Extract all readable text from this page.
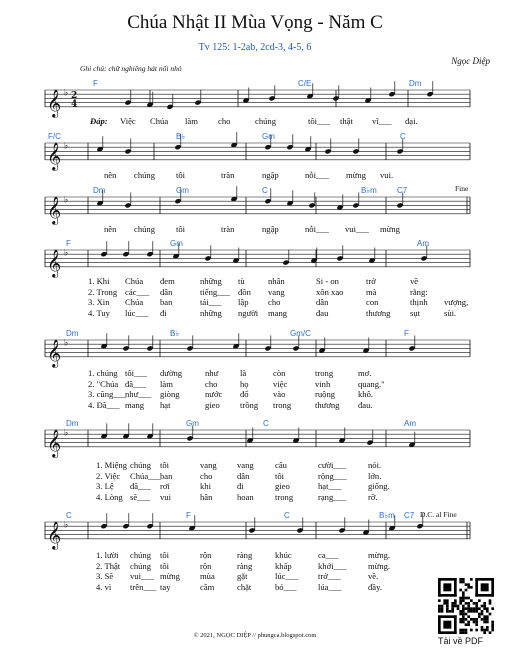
Chúa Nhật II Mùa Vọng - Năm C
Tv 125: 1-2ab, 2cd-3, 4-5, 6
Ngọc Diệp
Ghi chú: chữ nghiêng hát nối nhỏ
𝄞 ♭ 2
4
𝄞 ♭
𝄞 ♭
𝄞 ♭
𝄞 ♭
𝄞 ♭
𝄞 ♭
F	C/E	Dm
Đáp: Việc Chúa làm cho	chúng	tôi___ thật vĩ___ đại.
F/C	B♭	Gm	C
nên chúng tôi	tràn	ngập	nỗi___ mừng vui.
Dm	Gm	C	B♭m	C7
nên chúng tôi	tràn	ngập	nỗi___ vui___ mừng
F	Gm	Am
1. Khi Chúa đem	những tù	nhân	Si - on	trở	về
2. Trong các___ dân	tiếng___ đồn vang	xôn xao	mà	rằng:
3. Xin Chúa ban	tái___ lập cho	dân	con	thịnh vượng,
4. Tuy lúc___ đi	những người mang	đau	thương sụt	sùi.
Dm	B♭	Gm/C	F
1. chúng tôi___ dường	như	là	còn	trong	mơ.
2. "Chúa đã___ làm	cho	họ	việc	vinh	quang."
3. cũng___
như___ giòng	nước đổ	vào	ruộng	khô.
4. Đã___ mang hạt	gieo trồng trong	thương đau.
Dm	Gm	C	Am
1. Miệng chúng tôi	vang vang câu	cười___	nói.
2. Việc Chúa___
ban	cho	dân	tôi	rộng___ lớn.
3. Lệ đã___ rơi	khi	đi	gieo	hạt___	giống.
4. Lòng sẽ___ vui	hân	hoan trong	rạng___	rỡ.
C	F	C	B♭m C7
1. lười chúng tôi	rộn	ràng	khúc	ca___	mừng.
2. Thật chúng tôi	rộn	ràng	khấp	khởi___	mừng.
3. Sẽ vui___ mừng mùa	gặt	lúc___ trở___	về.
4. vì trên___ tay	cầm	chặt	bó___	lúa___	đầy.
Fine
D.C. al Fine
© 2021, NGỌC DIỆP // phungca.blogspot.com
Tải về PDF
